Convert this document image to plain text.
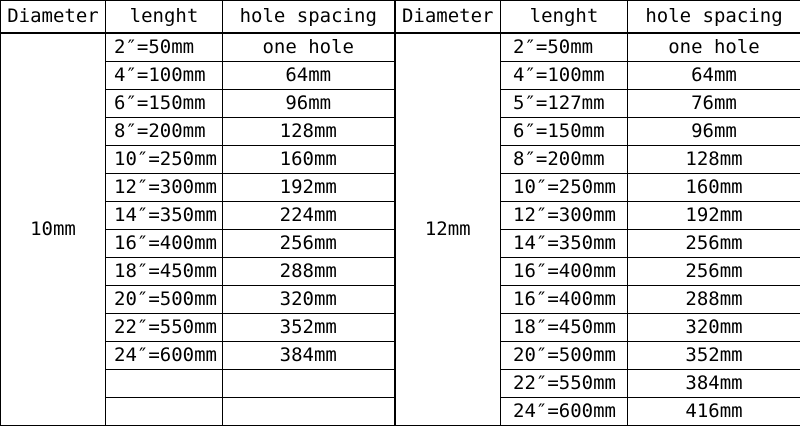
Diameter	lenght	hole spacing	Diameter	lenght	hole spacing
10mm	2″=50mm	one hole	12mm	2″=50mm	one hole
	4″=100mm	64mm		4″=100mm	64mm
	6″=150mm	96mm		5″=127mm	76mm
	8″=200mm	128mm		6″=150mm	96mm
	10″=250mm	160mm		8″=200mm	128mm
	12″=300mm	192mm		10″=250mm	160mm
	14″=350mm	224mm		12″=300mm	192mm
	16″=400mm	256mm		14″=350mm	256mm
	18″=450mm	288mm		16″=400mm	256mm
	20″=500mm	320mm		16″=400mm	288mm
	22″=550mm	352mm		18″=450mm	320mm
	24″=600mm	384mm		20″=500mm	352mm
				22″=550mm	384mm
				24″=600mm	416mm
